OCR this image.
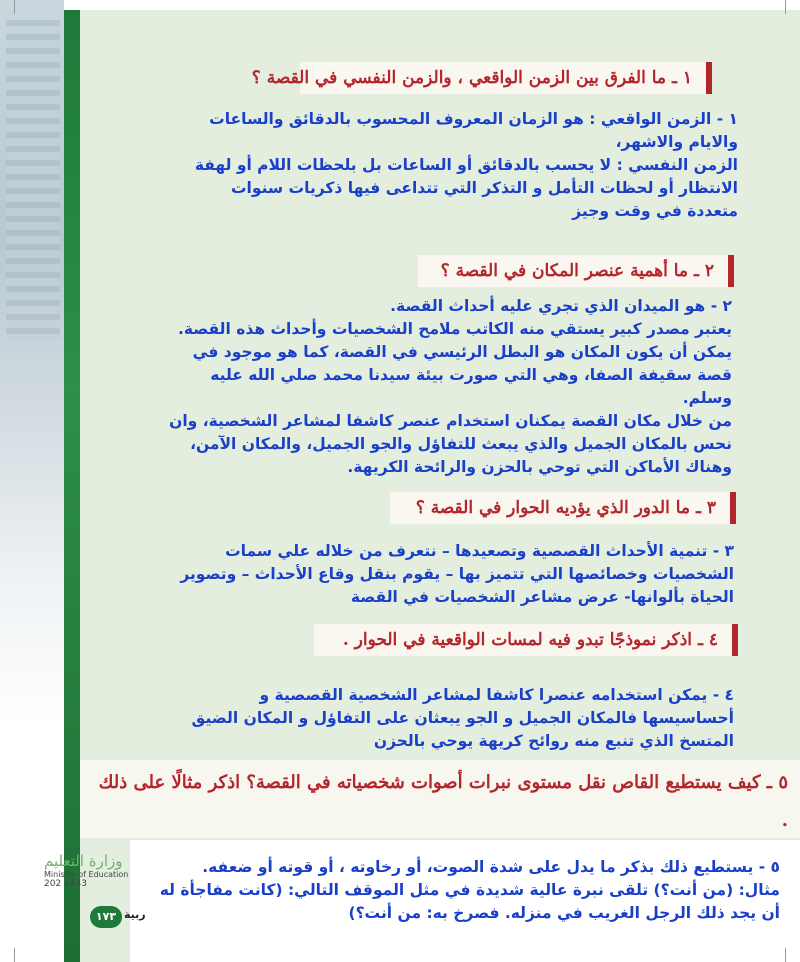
١ ـ ما الفرق بين الزمن الواقعي ، والزمن النفسي في القصة ؟

١ - الزمن الواقعي : هو الزمان المعروف المحسوب بالدقائق والساعات والايام والاشهر،

الزمن النفسي : لا يحسب بالدقائق أو الساعات بل بلحظات اللام أو لهفة الانتظار أو لحظات التأمل و التذكر التي تتداعى فيها ذكريات سنوات متعددة في وقت وجيز

٢ ـ ما أهمية عنصر المكان في القصة ؟

٢ - هو الميدان الذي تجري عليه أحداث القصة.

يعتبر مصدر كبير يستقي منه الكاتب ملامح الشخصيات وأحداث هذه القصة.

يمكن أن يكون المكان هو البطل الرئيسي في القصة، كما هو موجود في قصة سقيفة الصفا، وهي التي صورت بيئة سيدنا محمد صلي الله عليه وسلم.

من خلال مكان القصة يمكنان استخدام عنصر كاشفا لمشاعر الشخصية، وان نحس بالمكان الجميل والذي يبعث للتفاؤل والجو الجميل، والمكان الآمن، وهناك الأماكن التي توحي بالحزن والرائحة الكريهة.

٣ ـ ما الدور الذي يؤديه الحوار في القصة ؟

٣ - تنمية الأحداث القصصية وتصعيدها – نتعرف من خلاله علي سمات الشخصيات وخصائصها التي تتميز بها – يقوم بنقل وقاع الأحداث – وتصوير الحياة بألوانها- عرض مشاعر الشخصيات في القصة

٤ ـ اذكر نموذجًا تبدو فيه لمسات الواقعية في الحوار .

٤ - يمكن استخدامه عنصرا كاشفا لمشاعر الشخصية القصصية و أحساسيسها فالمكان الجميل و الجو يبعثان على التفاؤل و المكان الضيق المتسخ الذي تنبع منه روائح كريهة يوحي بالحزن

٥ ـ كيف يستطيع القاص نقل مستوى نبرات أصوات شخصياته في القصة؟ اذكر مثالًا على ذلك .

٥ - يستطيع ذلك بذكر ما يدل على شدة الصوت، أو رخاوته ، أو قوته أو ضعفه.

مثال: (من أنت؟) تلقى نبرة عالية شديدة في مثل الموقف التالي: (كانت مفاجأة له أن يجد ذلك الرجل الغريب في منزله. فصرخ به: من أنت؟)

وزارة التعليم
Ministry of Education
202 1443
١٧٣ ربية
